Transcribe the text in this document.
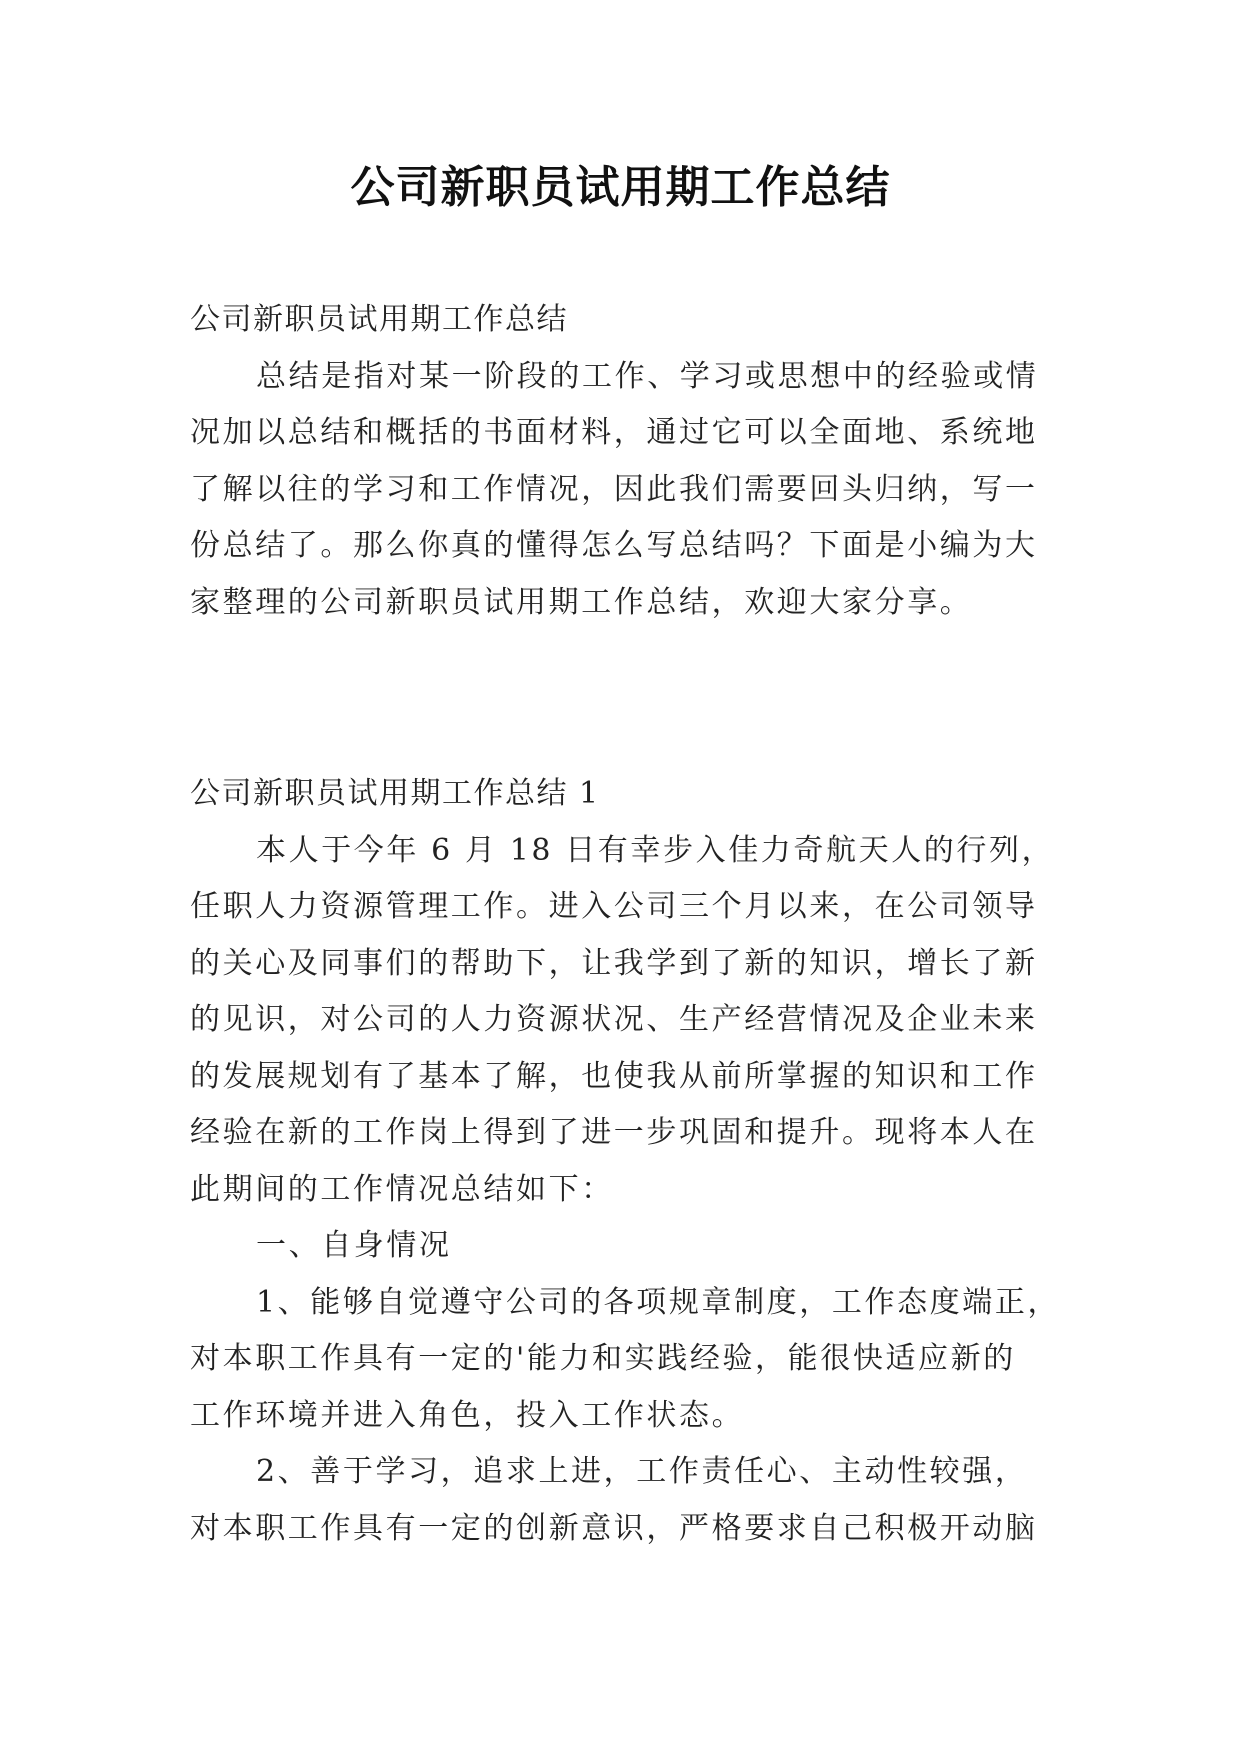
公司新职员试用期工作总结
公司新职员试用期工作总结
总结是指对某一阶段的工作、学习或思想中的经验或情
况加以总结和概括的书面材料，通过它可以全面地、系统地
了解以往的学习和工作情况，因此我们需要回头归纳，写一
份总结了。那么你真的懂得怎么写总结吗？下面是小编为大
家整理的公司新职员试用期工作总结，欢迎大家分享。
公司新职员试用期工作总结 1
本人于今年 6 月 18 日有幸步入佳力奇航天人的行列，
任职人力资源管理工作。进入公司三个月以来，在公司领导
的关心及同事们的帮助下，让我学到了新的知识，增长了新
的见识，对公司的人力资源状况、生产经营情况及企业未来
的发展规划有了基本了解，也使我从前所掌握的知识和工作
经验在新的工作岗上得到了进一步巩固和提升。现将本人在
此期间的工作情况总结如下：
一、自身情况
1、能够自觉遵守公司的各项规章制度，工作态度端正，
对本职工作具有一定的'能力和实践经验，能很快适应新的
工作环境并进入角色，投入工作状态。
2、善于学习，追求上进，工作责任心、主动性较强，
对本职工作具有一定的创新意识，严格要求自己积极开动脑
